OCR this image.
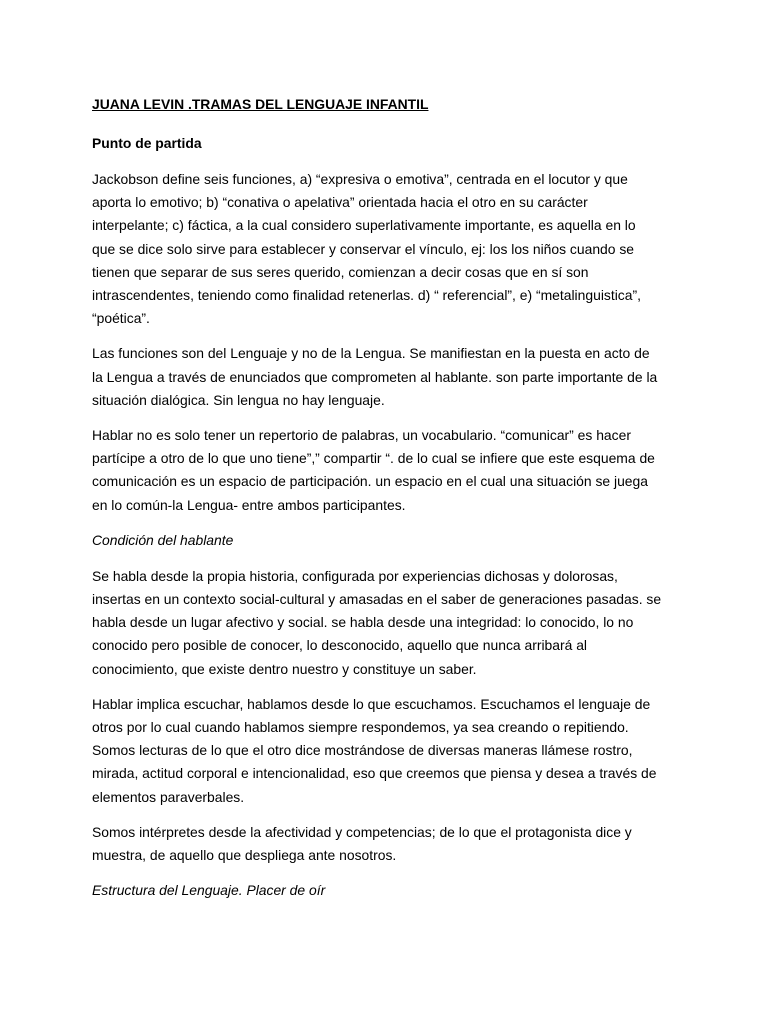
JUANA LEVIN .TRAMAS DEL LENGUAJE INFANTIL
Punto de partida
Jackobson define seis funciones, a) “expresiva o emotiva”, centrada en el locutor y que
aporta lo emotivo; b) “conativa o apelativa” orientada hacia el otro en su carácter
interpelante; c) fáctica, a la cual considero superlativamente importante, es aquella en lo
que se dice solo sirve para establecer y conservar el vínculo, ej: los los niños cuando se
tienen que separar de sus seres querido, comienzan a decir cosas que en sí son
intrascendentes, teniendo como finalidad retenerlas. d) “ referencial”, e) “metalinguistica”,
“poética”.
Las funciones son del Lenguaje y no de la Lengua. Se manifiestan en la puesta en acto de
la Lengua a través de enunciados que comprometen al hablante. son parte importante de la
situación dialógica. Sin lengua no hay lenguaje.
Hablar no es solo tener un repertorio de palabras, un vocabulario. “comunicar” es hacer
partícipe a otro de lo que uno tiene”,” compartir “. de lo cual se infiere que este esquema de
comunicación es un espacio de participación. un espacio en el cual una situación se juega
en lo común-la Lengua- entre ambos participantes.
Condición del hablante
Se habla desde la propia historia, configurada por experiencias dichosas y dolorosas,
insertas en un contexto social-cultural y amasadas en el saber de generaciones pasadas. se
habla desde un lugar afectivo y social. se habla desde una integridad: lo conocido, lo no
conocido pero posible de conocer, lo desconocido, aquello que nunca arribará al
conocimiento, que existe dentro nuestro y constituye un saber.
Hablar implica escuchar, hablamos desde lo que escuchamos. Escuchamos el lenguaje de
otros por lo cual cuando hablamos siempre respondemos, ya sea creando o repitiendo.
Somos lecturas de lo que el otro dice mostrándose de diversas maneras llámese rostro,
mirada, actitud corporal e intencionalidad, eso que creemos que piensa y desea a través de
elementos paraverbales.
Somos intérpretes desde la afectividad y competencias; de lo que el protagonista dice y
muestra, de aquello que despliega ante nosotros.
Estructura del Lenguaje. Placer de oír
